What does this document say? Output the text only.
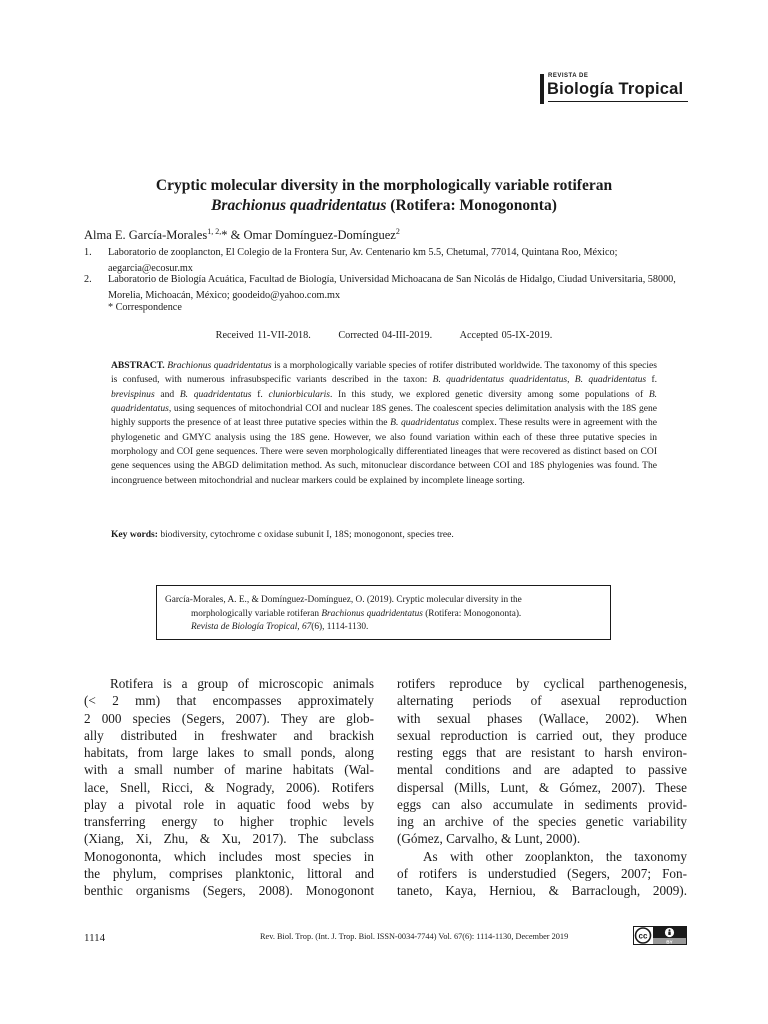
REVISTA DE
Biología Tropical
Cryptic molecular diversity in the morphologically variable rotiferan
Brachionus quadridentatus (Rotifera: Monogononta)
Alma E. García-Morales$^{1, 2,}$* & Omar Domínguez-Domínguez$^2$
1. Laboratorio de zooplancton, El Colegio de la Frontera Sur, Av. Centenario km 5.5, Chetumal, 77014, Quintana Roo, México; aegarcia@ecosur.mx
2. Laboratorio de Biología Acuática, Facultad de Biología, Universidad Michoacana de San Nicolás de Hidalgo, Ciudad Universitaria, 58000, Morelia, Michoacán, México; goodeido@yahoo.com.mx
* Correspondence
Received 11-VII-2018.	Corrected 04-III-2019.	Accepted 05-IX-2019.
ABSTRACT. Brachionus quadridentatus is a morphologically variable species of rotifer distributed worldwide. The taxonomy of this species is confused, with numerous infrasubspecific variants described in the taxon: B. quadridentatus quadridentatus, B. quadridentatus f. brevispinus and B. quadridentatus f. cluniorbicularis. In this study, we explored genetic diversity among some populations of B. quadridentatus, using sequences of mitochondrial COI and nuclear 18S genes. The coalescent species delimitation analysis with the 18S gene highly supports the presence of at least three putative species within the B. quadridentatus complex. These results were in agreement with the phylogenetic and GMYC analysis using the 18S gene. However, we also found variation within each of these three putative species in morphology and COI gene sequences. There were seven morphologically differentiated lineages that were recovered as distinct based on COI gene sequences using the ABGD delimitation method. As such, mitonuclear discordance between COI and 18S phylogenies was found. The incongruence between mitochondrial and nuclear markers could be explained by incomplete lineage sorting.
Key words: biodiversity, cytochrome c oxidase subunit I, 18S; monogonont, species tree.
García-Morales, A. E., & Domínguez-Domínguez, O. (2019). Cryptic molecular diversity in the
morphologically variable rotiferan Brachionus quadridentatus (Rotifera: Monogononta).
Revista de Biología Tropical, 67(6), 1114-1130.
Rotifera is a group of microscopic animals
(< 2 mm) that encompasses approximately
2 000 species (Segers, 2007). They are glob-
ally distributed in freshwater and brackish
habitats, from large lakes to small ponds, along
with a small number of marine habitats (Wal-
lace, Snell, Ricci, & Nogrady, 2006). Rotifers
play a pivotal role in aquatic food webs by
transferring energy to higher trophic levels
(Xiang, Xi, Zhu, & Xu, 2017). The subclass
Monogononta, which includes most species in
the phylum, comprises planktonic, littoral and
benthic organisms (Segers, 2008). Monogonont
rotifers reproduce by cyclical parthenogenesis,
alternating periods of asexual reproduction
with sexual phases (Wallace, 2002). When
sexual reproduction is carried out, they produce
resting eggs that are resistant to harsh environ-
mental conditions and are adapted to passive
dispersal (Mills, Lunt, & Gómez, 2007). These
eggs can also accumulate in sediments provid-
ing an archive of the species genetic variability
(Gómez, Carvalho, & Lunt, 2000).
As with other zooplankton, the taxonomy
of rotifers is understudied (Segers, 2007; Fon-
taneto, Kaya, Herniou, & Barraclough, 2009).
1114	Rev. Biol. Trop. (Int. J. Trop. Biol. ISSN-0034-7744) Vol. 67(6): 1114-1130, December 2019	cc
BY
